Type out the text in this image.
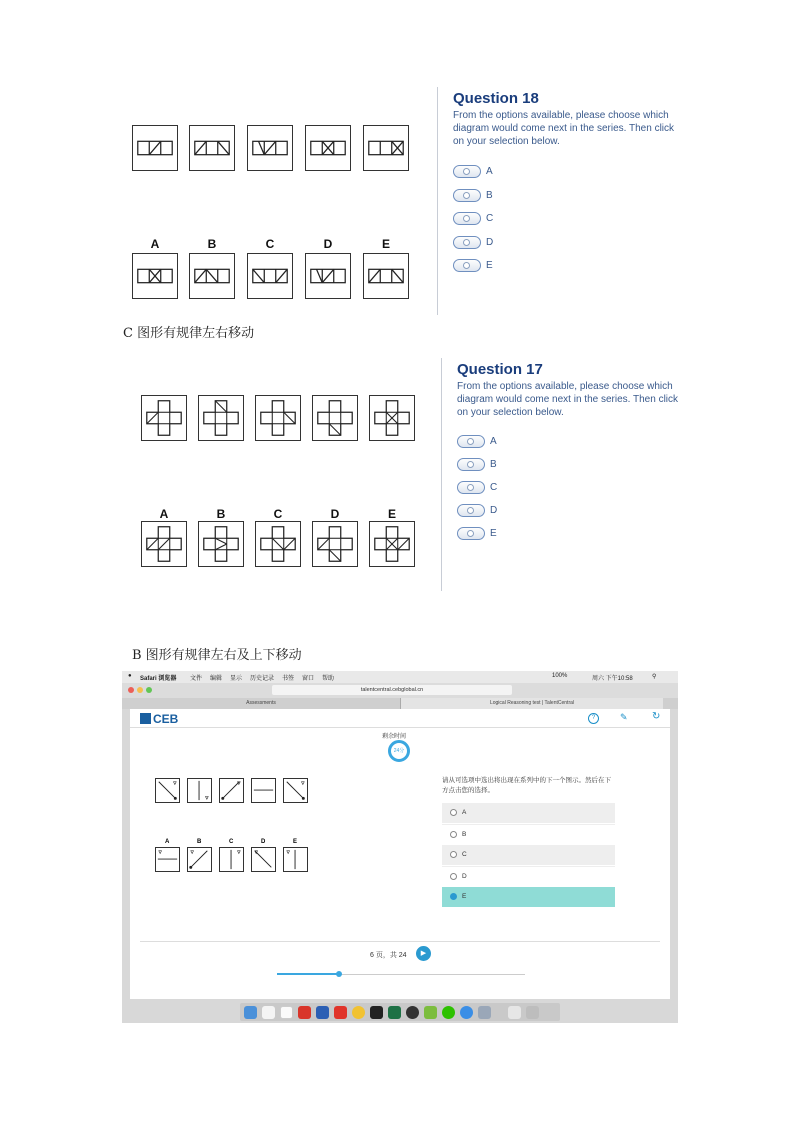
A	B	C	D	E
Question 18
From the options available, please choose which diagram would come next in the series. Then click on your selection below.
A
B
C
D
E
C 图形有规律左右移动
A	B	C	D	E
Question 17
From the options available, please choose which diagram would come next in the series. Then click on your selection below.
A
B
C
D
E
B 图形有规律左右及上下移动
● Safari 浏览器 文件 编辑 显示 历史记录 书签 窗口 帮助	100%	周六 下午10:58	⚲
talentcentral.cebglobal.cn
Assessments	Logical Reasoning test | TalentCentral
CEB	?	✎ ↻
剩余时间
24分
A	B	C	D	E
请从可选项中选出将出现在系列中的下一个图示。然后在下方点击您的选择。
A
B
C
D
E
6 页，共 24	▶
